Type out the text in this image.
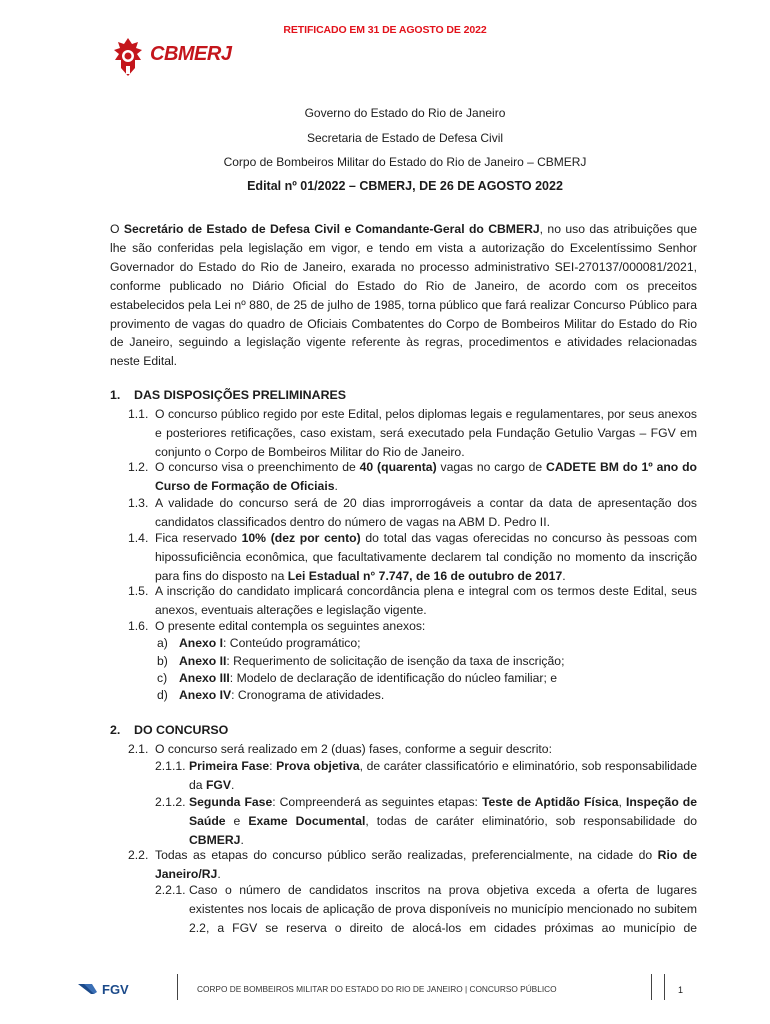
RETIFICADO EM 31 DE AGOSTO DE 2022
CBMERJ
Governo do Estado do Rio de Janeiro
Secretaria de Estado de Defesa Civil
Corpo de Bombeiros Militar do Estado do Rio de Janeiro – CBMERJ
Edital nº 01/2022 – CBMERJ, DE 26 DE AGOSTO 2022
O Secretário de Estado de Defesa Civil e Comandante-Geral do CBMERJ, no uso das atribuições que lhe são conferidas pela legislação em vigor, e tendo em vista a autorização do Excelentíssimo Senhor Governador do Estado do Rio de Janeiro, exarada no processo administrativo SEI-270137/000081/2021, conforme publicado no Diário Oficial do Estado do Rio de Janeiro, de acordo com os preceitos estabelecidos pela Lei nº 880, de 25 de julho de 1985, torna público que fará realizar Concurso Público para provimento de vagas do quadro de Oficiais Combatentes do Corpo de Bombeiros Militar do Estado do Rio de Janeiro, seguindo a legislação vigente referente às regras, procedimentos e atividades relacionadas neste Edital.
1. DAS DISPOSIÇÕES PRELIMINARES
1.1. O concurso público regido por este Edital, pelos diplomas legais e regulamentares, por seus anexos e posteriores retificações, caso existam, será executado pela Fundação Getulio Vargas – FGV em conjunto o Corpo de Bombeiros Militar do Rio de Janeiro.
1.2. O concurso visa o preenchimento de 40 (quarenta) vagas no cargo de CADETE BM do 1º ano do Curso de Formação de Oficiais.
1.3. A validade do concurso será de 20 dias improrrogáveis a contar da data de apresentação dos candidatos classificados dentro do número de vagas na ABM D. Pedro II.
1.4. Fica reservado 10% (dez por cento) do total das vagas oferecidas no concurso às pessoas com hipossuficiência econômica, que facultativamente declarem tal condição no momento da inscrição para fins do disposto na Lei Estadual n° 7.747, de 16 de outubro de 2017.
1.5. A inscrição do candidato implicará concordância plena e integral com os termos deste Edital, seus anexos, eventuais alterações e legislação vigente.
1.6. O presente edital contempla os seguintes anexos:
a) Anexo I: Conteúdo programático;
b) Anexo II: Requerimento de solicitação de isenção da taxa de inscrição;
c) Anexo III: Modelo de declaração de identificação do núcleo familiar; e
d) Anexo IV: Cronograma de atividades.
2. DO CONCURSO
2.1. O concurso será realizado em 2 (duas) fases, conforme a seguir descrito:
2.1.1. Primeira Fase: Prova objetiva, de caráter classificatório e eliminatório, sob responsabilidade da FGV.
2.1.2. Segunda Fase: Compreenderá as seguintes etapas: Teste de Aptidão Física, Inspeção de Saúde e Exame Documental, todas de caráter eliminatório, sob responsabilidade do CBMERJ.
2.2. Todas as etapas do concurso público serão realizadas, preferencialmente, na cidade do Rio de Janeiro/RJ.
2.2.1. Caso o número de candidatos inscritos na prova objetiva exceda a oferta de lugares existentes nos locais de aplicação de prova disponíveis no município mencionado no subitem 2.2, a FGV se reserva o direito de alocá-los em cidades próximas ao município de
FGV	CORPO DE BOMBEIROS MILITAR DO ESTADO DO RIO DE JANEIRO | CONCURSO PÚBLICO	1
